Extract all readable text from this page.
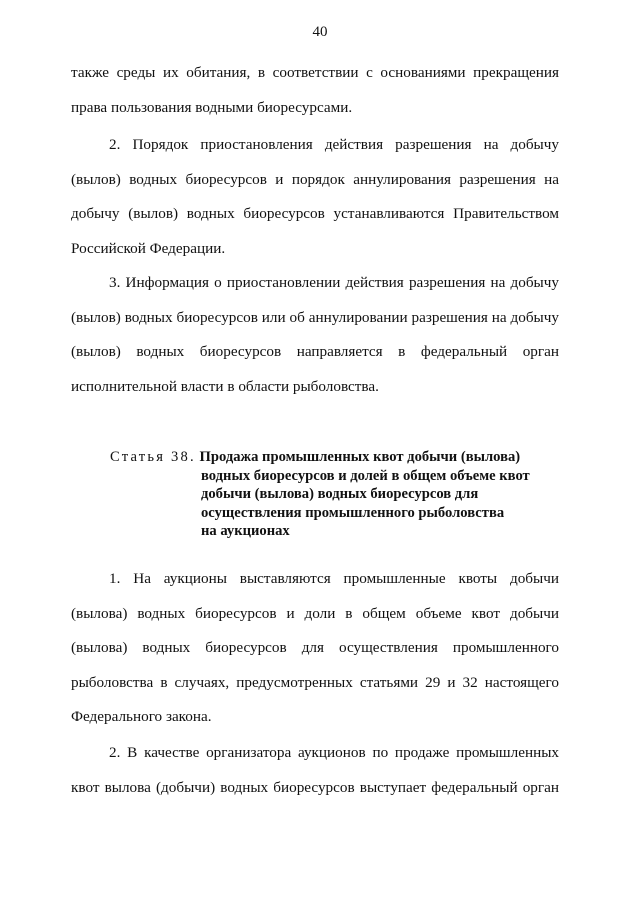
40
также среды их обитания, в соответствии с основаниями прекращения
права пользования водными биоресурсами.
2. Порядок приостановления действия разрешения на добычу
(вылов) водных биоресурсов и порядок аннулирования разрешения на
добычу (вылов) водных биоресурсов устанавливаются Правительством
Российской Федерации.
3. Информация о приостановлении действия разрешения на добычу
(вылов) водных биоресурсов или об аннулировании разрешения на добычу
(вылов) водных биоресурсов направляется в федеральный орган
исполнительной власти в области рыболовства.
Статья 38. Продажа промышленных квот добычи (вылова)
водных биоресурсов и долей в общем объеме квот
добычи (вылова) водных биоресурсов для
осуществления промышленного рыболовства
на аукционах
1. На аукционы выставляются промышленные квоты добычи
(вылова) водных биоресурсов и доли в общем объеме квот добычи
(вылова) водных биоресурсов для осуществления промышленного
рыболовства в случаях, предусмотренных статьями 29 и 32 настоящего
Федерального закона.
2. В качестве организатора аукционов по продаже промышленных
квот вылова (добычи) водных биоресурсов выступает федеральный орган
